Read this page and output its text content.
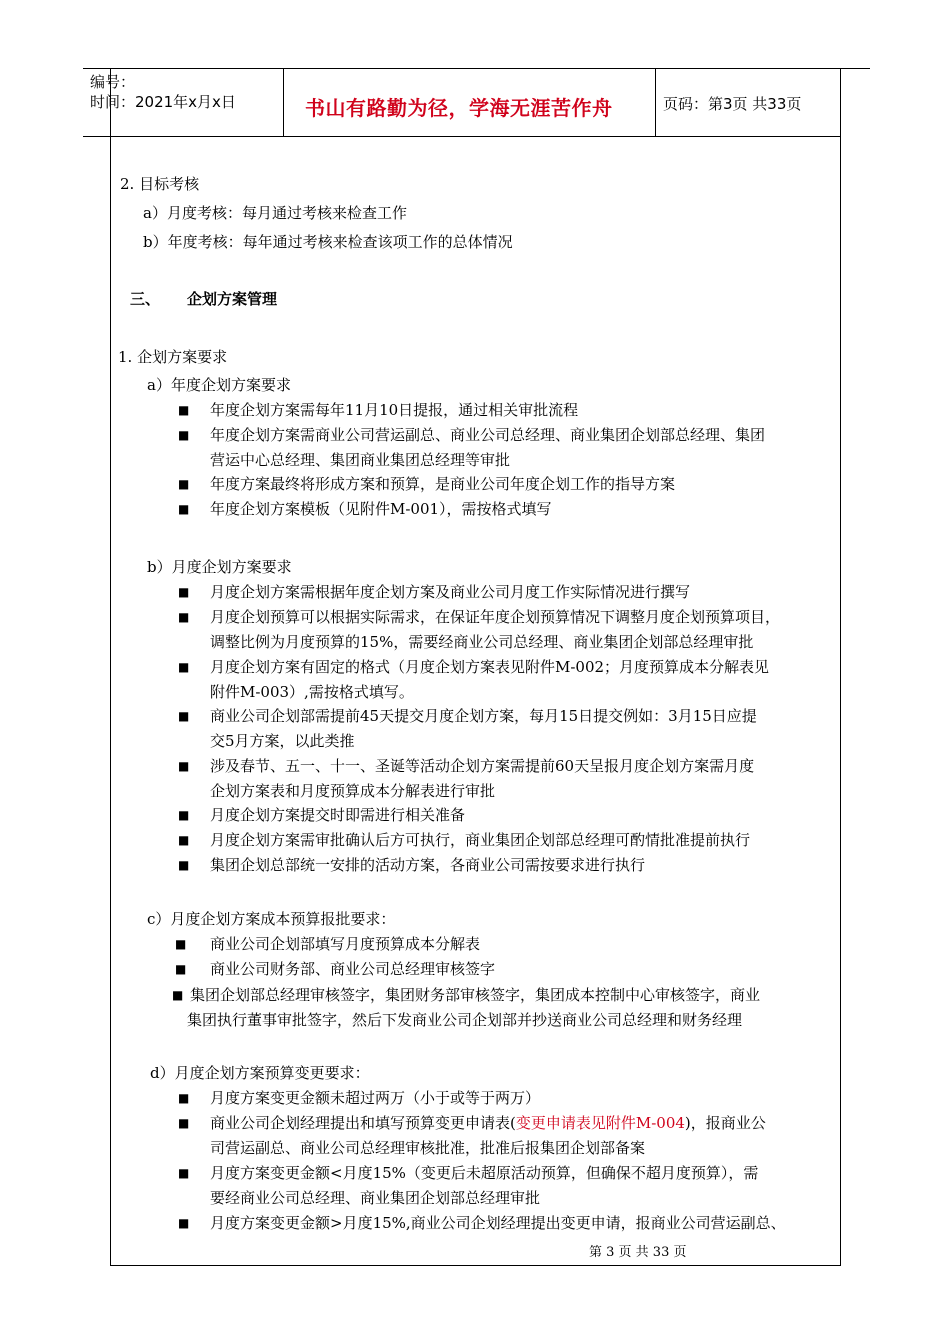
编号：
时间：2021年x月x日	书山有路勤为径，学海无涯苦作舟	页码：第3页 共33页
2. 目标考核
a）月度考核：每月通过考核来检查工作
b）年度考核：每年通过考核来检查该项工作的总体情况
三、 企划方案管理
1. 企划方案要求
a）年度企划方案要求
■ 年度企划方案需每年11月10日提报，通过相关审批流程
■ 年度企划方案需商业公司营运副总、商业公司总经理、商业集团企划部总经理、集团
营运中心总经理、集团商业集团总经理等审批
■ 年度方案最终将形成方案和预算，是商业公司年度企划工作的指导方案
■ 年度企划方案模板（见附件M-001），需按格式填写
b）月度企划方案要求
■ 月度企划方案需根据年度企划方案及商业公司月度工作实际情况进行撰写
■ 月度企划预算可以根据实际需求，在保证年度企划预算情况下调整月度企划预算项目，
调整比例为月度预算的15%，需要经商业公司总经理、商业集团企划部总经理审批
■ 月度企划方案有固定的格式（月度企划方案表见附件M-002；月度预算成本分解表见
附件M-003）,需按格式填写。
■ 商业公司企划部需提前45天提交月度企划方案，每月15日提交例如：3月15日应提
交5月方案，以此类推
■ 涉及春节、五一、十一、圣诞等活动企划方案需提前60天呈报月度企划方案需月度
企划方案表和月度预算成本分解表进行审批
■ 月度企划方案提交时即需进行相关准备
■ 月度企划方案需审批确认后方可执行，商业集团企划部总经理可酌情批准提前执行
■ 集团企划总部统一安排的活动方案，各商业公司需按要求进行执行
c）月度企划方案成本预算报批要求：
■ 商业公司企划部填写月度预算成本分解表
■ 商业公司财务部、商业公司总经理审核签字
■ 集团企划部总经理审核签字，集团财务部审核签字，集团成本控制中心审核签字，商业
集团执行董事审批签字，然后下发商业公司企划部并抄送商业公司总经理和财务经理
d）月度企划方案预算变更要求：
■ 月度方案变更金额未超过两万（小于或等于两万）
■ 商业公司企划经理提出和填写预算变更申请表(变更申请表见附件M-004)，报商业公
司营运副总、商业公司总经理审核批准，批准后报集团企划部备案
■ 月度方案变更金额<月度15%（变更后未超原活动预算，但确保不超月度预算），需
要经商业公司总经理、商业集团企划部总经理审批
■ 月度方案变更金额>月度15%,商业公司企划经理提出变更申请，报商业公司营运副总、
第 3 页 共 33 页
